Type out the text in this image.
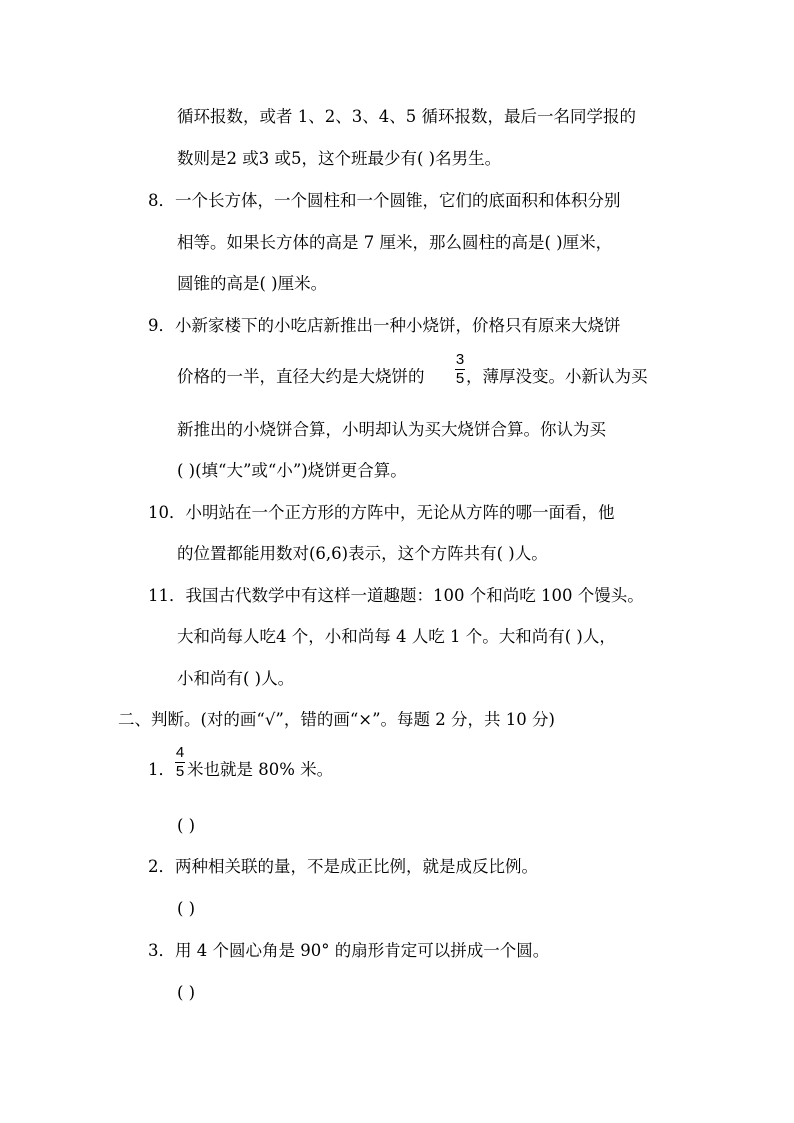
循环报数，或者 1、2、3、4、5 循环报数，最后一名同学报的
数则是2 或3 或5，这个班最少有( )名男生。
8．一个长方体，一个圆柱和一个圆锥，它们的底面积和体积分别
相等。如果长方体的高是 7 厘米，那么圆柱的高是( )厘米，
圆锥的高是( )厘米。
9．小新家楼下的小吃店新推出一种小烧饼，价格只有原来大烧饼
价格的一半，直径大约是大烧饼的
3
5 ，薄厚没变。小新认为买
新推出的小烧饼合算，小明却认为买大烧饼合算。你认为买
( )(填“大”或“小”)烧饼更合算。
10．小明站在一个正方形的方阵中，无论从方阵的哪一面看，他
的位置都能用数对(6,6)表示，这个方阵共有( )人。
11．我国古代数学中有这样一道趣题：100 个和尚吃 100 个馒头。
大和尚每人吃4 个，小和尚每 4 人吃 1 个。大和尚有( )人，
小和尚有( )人。
二、判断。(对的画“√”，错的画“×”。每题 2 分，共 10 分)
1．
4
5 米也就是 80% 米。
( )
2．两种相关联的量，不是成正比例，就是成反比例。
( )
3．用 4 个圆心角是 90° 的扇形肯定可以拼成一个圆。
( )
